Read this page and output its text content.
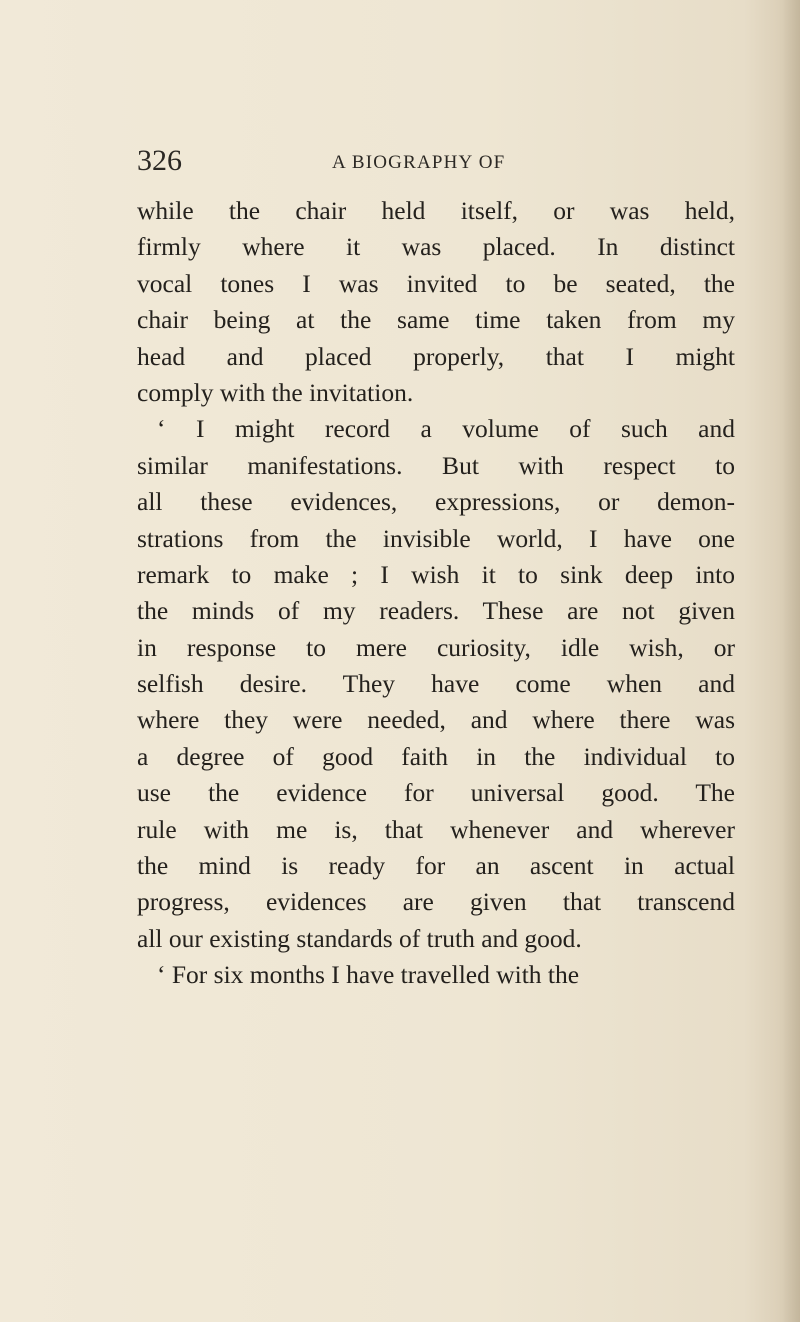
326	A BIOGRAPHY OF
while the chair held itself, or was held,
firmly where it was placed. In distinct
vocal tones I was invited to be seated, the
chair being at the same time taken from my
head and placed properly, that I might
comply with the invitation.
‘ I might record a volume of such and
similar manifestations. But with respect to
all these evidences, expressions, or demon-
strations from the invisible world, I have one
remark to make ; I wish it to sink deep into
the minds of my readers. These are not given
in response to mere curiosity, idle wish, or
selfish desire. They have come when and
where they were needed, and where there was
a degree of good faith in the individual to
use the evidence for universal good. The
rule with me is, that whenever and wherever
the mind is ready for an ascent in actual
progress, evidences are given that transcend
all our existing standards of truth and good.
‘ For six months I have travelled with the
